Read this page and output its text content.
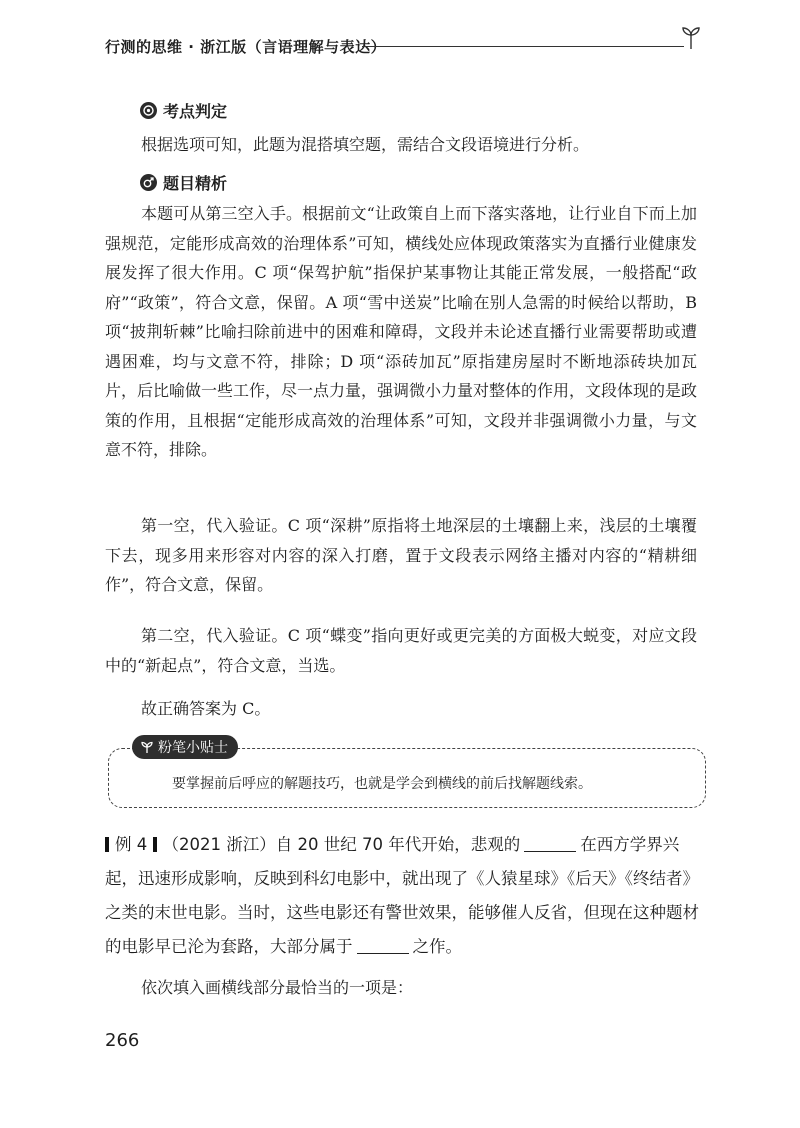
行测的思维 · 浙江版（言语理解与表达）
考点判定
根据选项可知，此题为混搭填空题，需结合文段语境进行分析。
题目精析
本题可从第三空入手。根据前文“让政策自上而下落实落地，让行业自下而上加强规范，定能形成高效的治理体系”可知，横线处应体现政策落实为直播行业健康发展发挥了很大作用。C 项“保驾护航”指保护某事物让其能正常发展，一般搭配“政府”“政策”，符合文意，保留。A 项“雪中送炭”比喻在别人急需的时候给以帮助，B 项“披荆斩棘”比喻扫除前进中的困难和障碍，文段并未论述直播行业需要帮助或遭遇困难，均与文意不符，排除；D 项“添砖加瓦”原指建房屋时不断地添砖块加瓦片，后比喻做一些工作，尽一点力量，强调微小力量对整体的作用，文段体现的是政策的作用，且根据“定能形成高效的治理体系”可知，文段并非强调微小力量，与文意不符，排除。
第一空，代入验证。C 项“深耕”原指将土地深层的土壤翻上来，浅层的土壤覆下去，现多用来形容对内容的深入打磨，置于文段表示网络主播对内容的“精耕细作”，符合文意，保留。
第二空，代入验证。C 项“蝶变”指向更好或更完美的方面极大蜕变，对应文段中的“新起点”，符合文意，当选。
故正确答案为 C。
粉笔小贴士
要掌握前后呼应的解题技巧，也就是学会到横线的前后找解题线索。
例 4 （2021 浙江）自 20 世纪 70 年代开始，悲观的	在西方学界兴起，迅速形成影响，反映到科幻电影中，就出现了《人猿星球》《后天》《终结者》之类的末世电影。当时，这些电影还有警世效果，能够催人反省，但现在这种题材的电影早已沦为套路，大部分属于	之作。
依次填入画横线部分最恰当的一项是：
266
